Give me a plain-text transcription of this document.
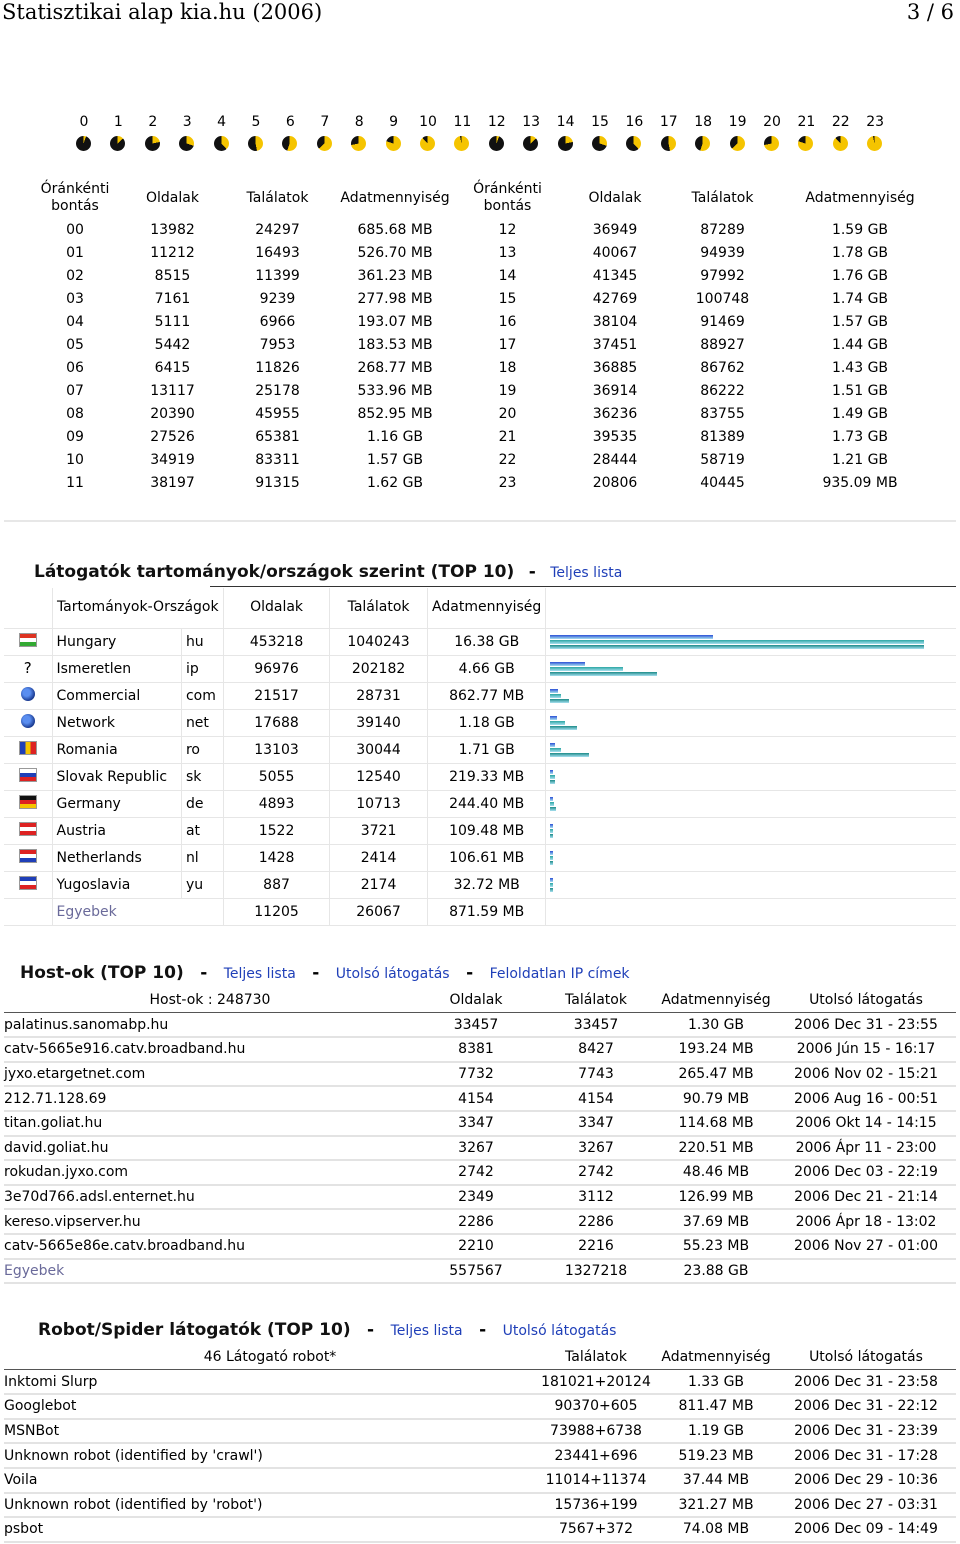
Statisztikai alap kia.hu (2006)	3 / 6
0	1	2	3	4	5	6	7	8	9	10 11 12 13 14 15 16 17 18 19 20 21 22 23
Óránkénti bontás	Oldalak	Találatok	Adatmennyiség	Óránkénti bontás	Oldalak	Találatok	Adatmennyiség
00	13982	24297	685.68 MB	12	36949	87289	1.59 GB
01	11212	16493	526.70 MB	13	40067	94939	1.78 GB
02	8515	11399	361.23 MB	14	41345	97992	1.76 GB
03	7161	9239	277.98 MB	15	42769	100748	1.74 GB
04	5111	6966	193.07 MB	16	38104	91469	1.57 GB
05	5442	7953	183.53 MB	17	37451	88927	1.44 GB
06	6415	11826	268.77 MB	18	36885	86762	1.43 GB
07	13117	25178	533.96 MB	19	36914	86222	1.51 GB
08	20390	45955	852.95 MB	20	36236	83755	1.49 GB
09	27526	65381	1.16 GB	21	39535	81389	1.73 GB
10	34919	83311	1.57 GB	22	28444	58719	1.21 GB
11	38197	91315	1.62 GB	23	20806	40445	935.09 MB
Látogatók tartományok/országok szerint (TOP 10) - Teljes lista
	Tartományok-Országok		Oldalak	Találatok	Adatmennyiség	
	Hungary	hu	453218	1040243	16.38 GB	

?	Ismeretlen	ip	96976	202182	4.66 GB	

	Commercial	com	21517	28731	862.77 MB	

	Network	net	17688	39140	1.18 GB	

	Romania	ro	13103	30044	1.71 GB	

	Slovak Republic	sk	5055	12540	219.33 MB	

	Germany	de	4893	10713	244.40 MB	

	Austria	at	1522	3721	109.48 MB	

	Netherlands	nl	1428	2414	106.61 MB	

	Yugoslavia	yu	887	2174	32.72 MB	

	Egyebek		11205	26067	871.59 MB	
Host-ok (TOP 10) - Teljes lista - Utolsó látogatás - Feloldatlan IP címek
Host-ok : 248730	Oldalak	Találatok	Adatmennyiség	Utolsó látogatás
palatinus.sanomabp.hu	33457	33457	1.30 GB	2006 Dec 31 - 23:55
catv-5665e916.catv.broadband.hu	8381	8427	193.24 MB	2006 Jún 15 - 16:17
jyxo.etargetnet.com	7732	7743	265.47 MB	2006 Nov 02 - 15:21
212.71.128.69	4154	4154	90.79 MB	2006 Aug 16 - 00:51
titan.goliat.hu	3347	3347	114.68 MB	2006 Okt 14 - 14:15
david.goliat.hu	3267	3267	220.51 MB	2006 Ápr 11 - 23:00
rokudan.jyxo.com	2742	2742	48.46 MB	2006 Dec 03 - 22:19
3e70d766.adsl.enternet.hu	2349	3112	126.99 MB	2006 Dec 21 - 21:14
kereso.vipserver.hu	2286	2286	37.69 MB	2006 Ápr 18 - 13:02
catv-5665e86e.catv.broadband.hu	2210	2216	55.23 MB	2006 Nov 27 - 01:00
Egyebek	557567	1327218	23.88 GB	
Robot/Spider látogatók (TOP 10) - Teljes lista - Utolsó látogatás
46 Látogató robot*	Találatok	Adatmennyiség	Utolsó látogatás
Inktomi Slurp	181021+20124	1.33 GB	2006 Dec 31 - 23:58
Googlebot	90370+605	811.47 MB	2006 Dec 31 - 22:12
MSNBot	73988+6738	1.19 GB	2006 Dec 31 - 23:39
Unknown robot (identified by 'crawl')	23441+696	519.23 MB	2006 Dec 31 - 17:28
Voila	11014+11374	37.44 MB	2006 Dec 29 - 10:36
Unknown robot (identified by 'robot')	15736+199	321.27 MB	2006 Dec 27 - 03:31
psbot	7567+372	74.08 MB	2006 Dec 09 - 14:49
